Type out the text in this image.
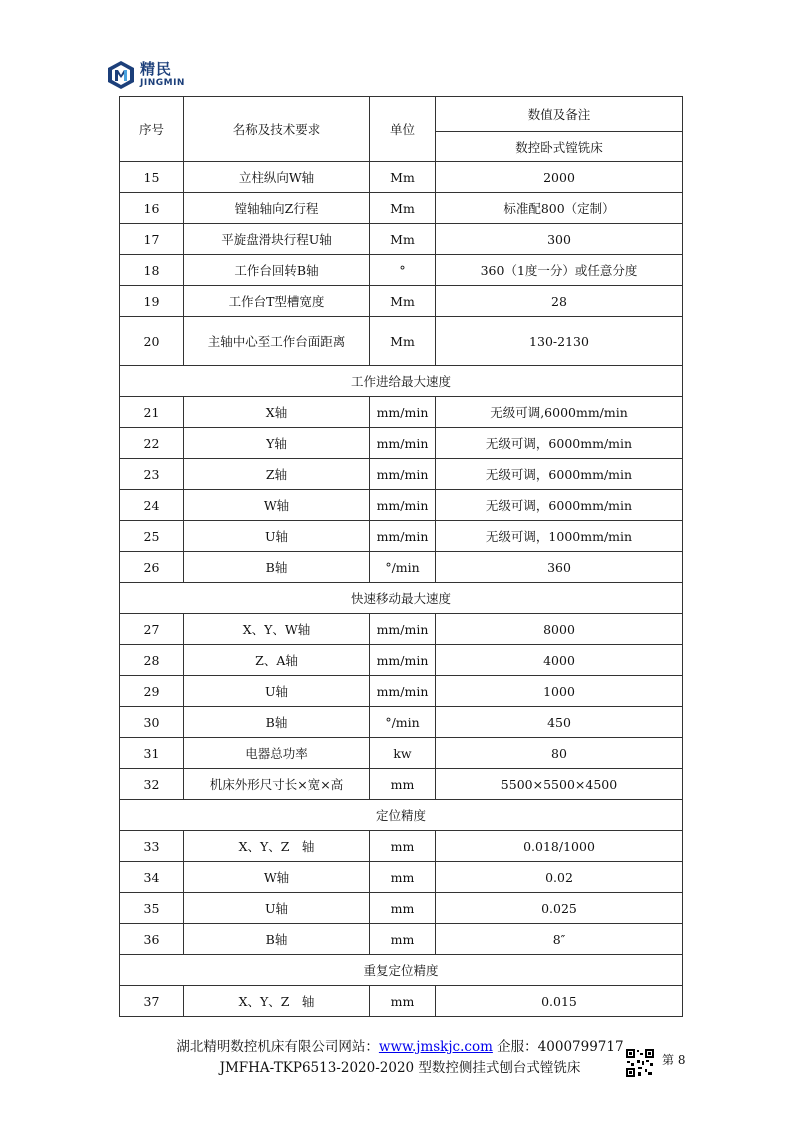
精民
JINGMIN
序号	名称及技术要求	单位	数值及备注
			数控卧式镗铣床
15	立柱纵向W轴	Mm	2000
16	镗轴轴向Z行程	Mm	标准配800（定制）
17	平旋盘滑块行程U轴	Mm	300
18	工作台回转B轴	°	360（1度一分）或任意分度
19	工作台T型槽宽度	Mm	28
20	主轴中心至工作台面距离	Mm	130-2130
工作进给最大速度			
21	X轴	mm/min	无级可调,6000mm/min
22	Y轴	mm/min	无级可调，6000mm/min
23	Z轴	mm/min	无级可调，6000mm/min
24	W轴	mm/min	无级可调，6000mm/min
25	U轴	mm/min	无级可调，1000mm/min
26	B轴	°/min	360
快速移动最大速度			
27	X、Y、W轴	mm/min	8000
28	Z、A轴	mm/min	4000
29	U轴	mm/min	1000
30	B轴	°/min	450
31	电器总功率	kw	80
32	机床外形尺寸长×宽×高	mm	5500×5500×4500
定位精度			
33	X、Y、Z　轴	mm	0.018/1000
34	W轴	mm	0.02
35	U轴	mm	0.025
36	B轴	mm	8″
重复定位精度			
37	X、Y、Z　轴	mm	0.015
湖北精明数控机床有限公司网站：www.jmskjc.com 企服：4000799717
JMFHA-TKP6513-2020-2020 型数控侧挂式刨台式镗铣床	第 8
